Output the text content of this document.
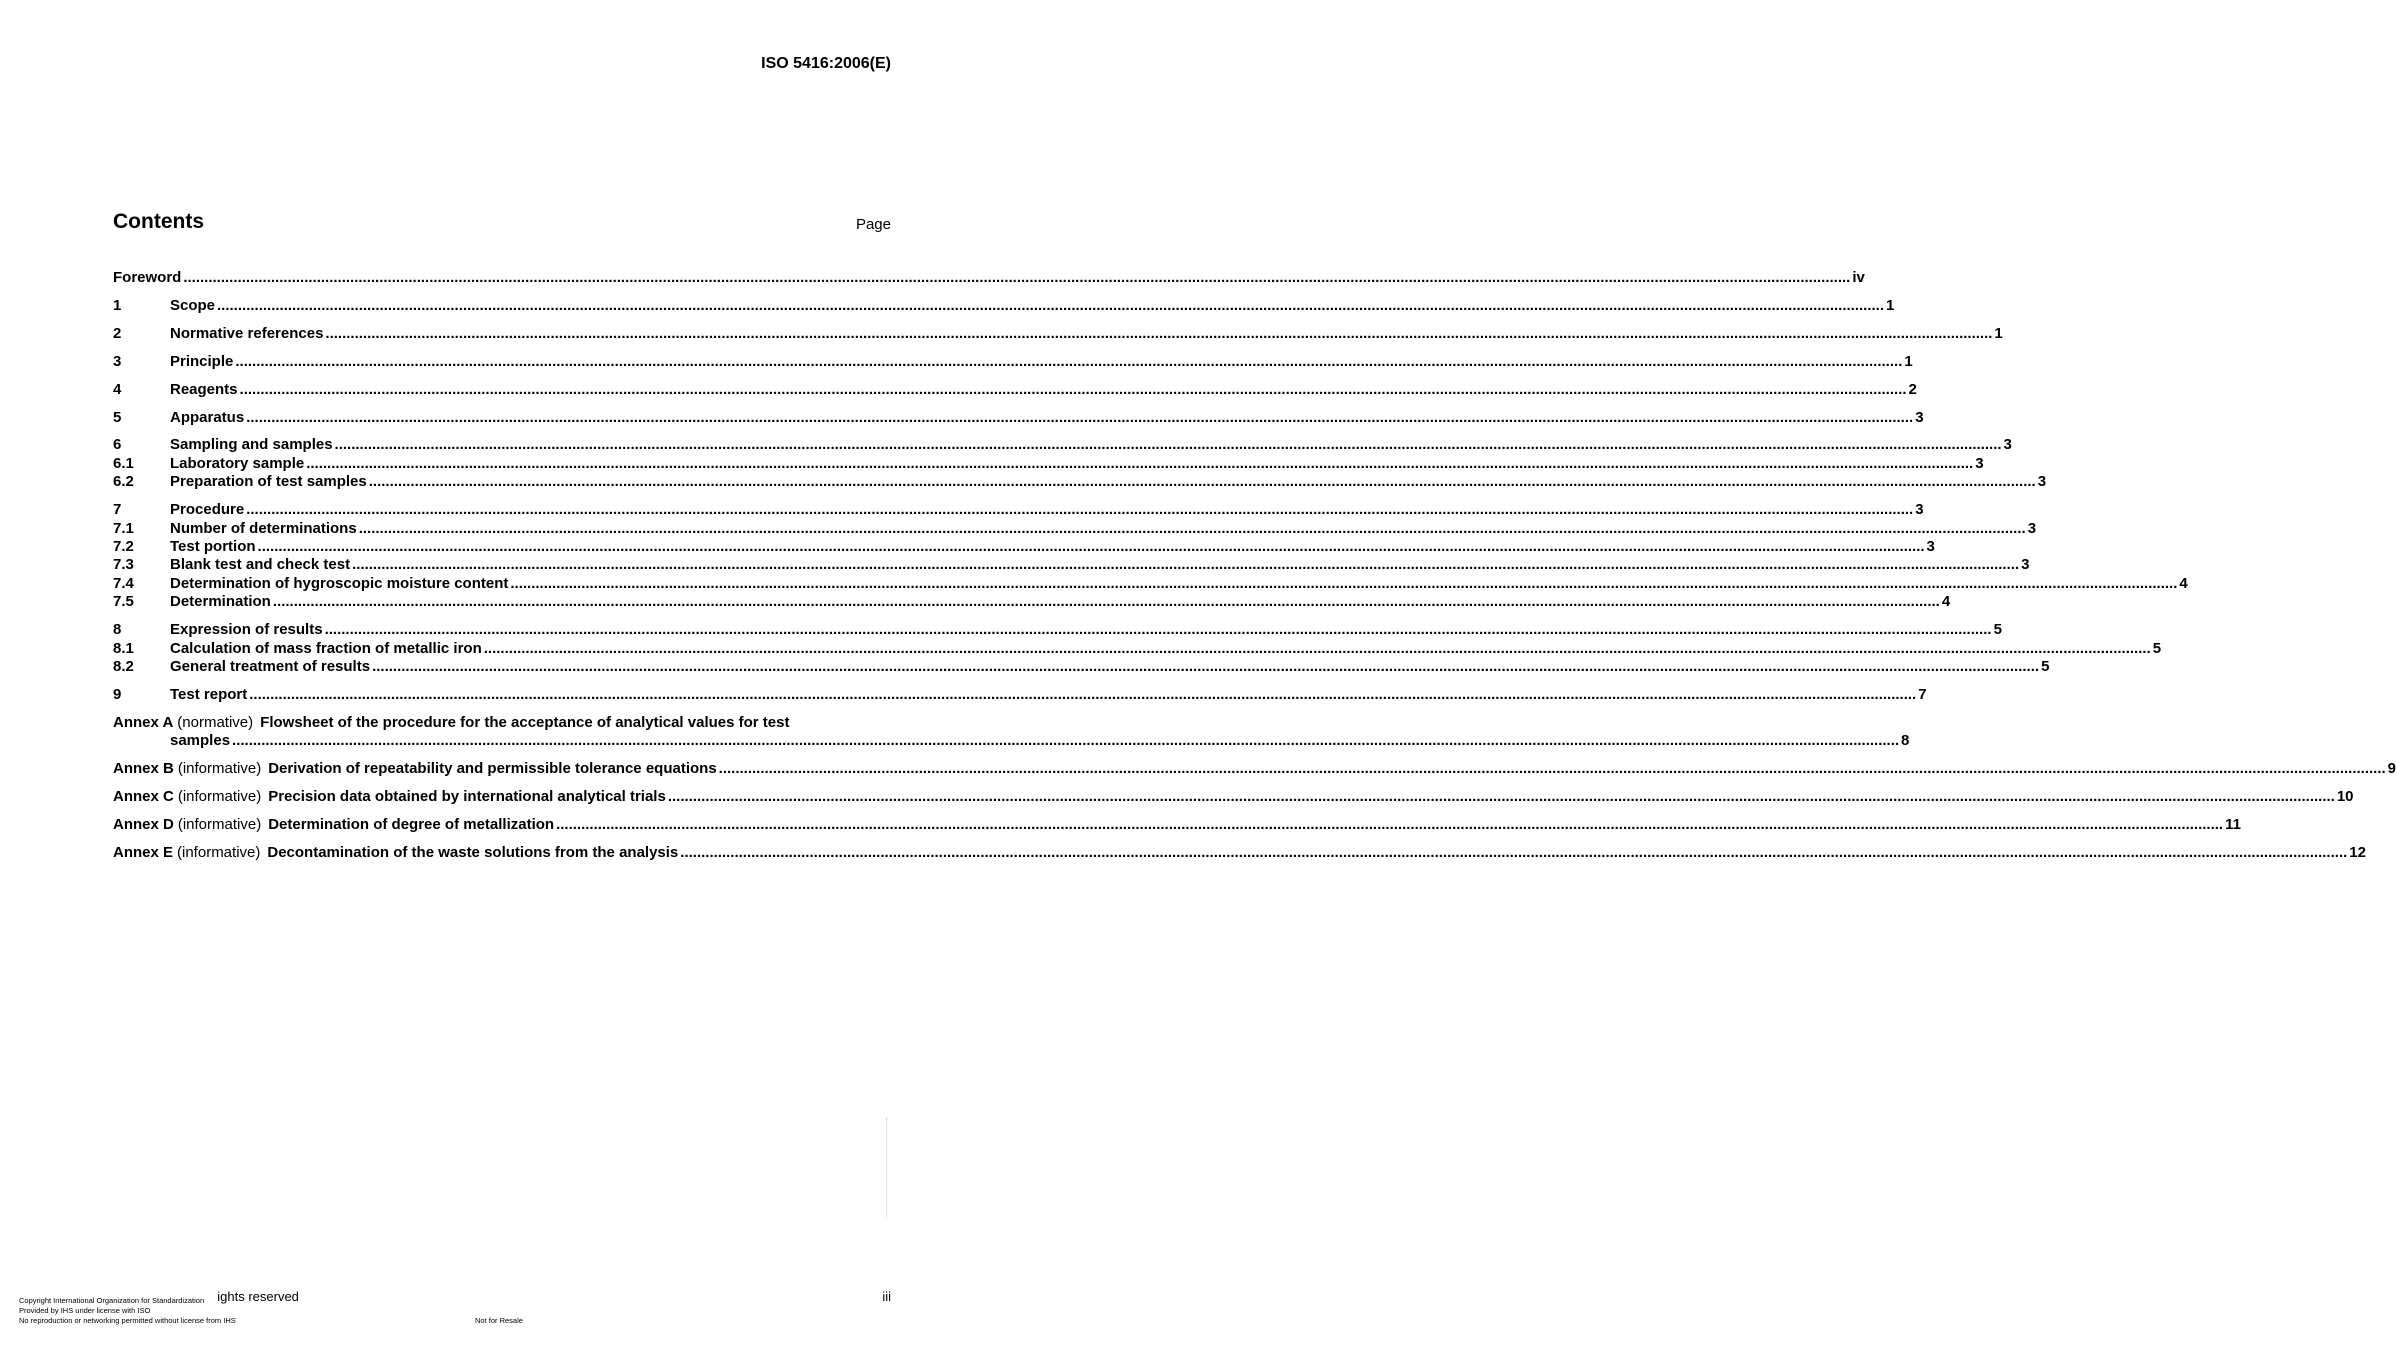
ISO 5416:2006(E)
Contents	Page
Foreword ................................................................................................................................................................................................................................................................................................................................................................................................................ iv
1	Scope ................................................................................................................................................................................................................................................................................................................................................................................................................ 1
2	Normative references ................................................................................................................................................................................................................................................................................................................................................................................................................ 1
3	Principle ................................................................................................................................................................................................................................................................................................................................................................................................................ 1
4	Reagents ................................................................................................................................................................................................................................................................................................................................................................................................................ 2
5	Apparatus ................................................................................................................................................................................................................................................................................................................................................................................................................ 3
6	Sampling and samples ................................................................................................................................................................................................................................................................................................................................................................................................................ 3
6.1	Laboratory sample ................................................................................................................................................................................................................................................................................................................................................................................................................ 3
6.2	Preparation of test samples ................................................................................................................................................................................................................................................................................................................................................................................................................ 3
7	Procedure ................................................................................................................................................................................................................................................................................................................................................................................................................ 3
7.1	Number of determinations ................................................................................................................................................................................................................................................................................................................................................................................................................ 3
7.2	Test portion ................................................................................................................................................................................................................................................................................................................................................................................................................ 3
7.3	Blank test and check test ................................................................................................................................................................................................................................................................................................................................................................................................................ 3
7.4	Determination of hygroscopic moisture content ................................................................................................................................................................................................................................................................................................................................................................................................................ 4
7.5	Determination ................................................................................................................................................................................................................................................................................................................................................................................................................ 4
8	Expression of results ................................................................................................................................................................................................................................................................................................................................................................................................................ 5
8.1	Calculation of mass fraction of metallic iron ................................................................................................................................................................................................................................................................................................................................................................................................................ 5
8.2	General treatment of results ................................................................................................................................................................................................................................................................................................................................................................................................................ 5
9	Test report ................................................................................................................................................................................................................................................................................................................................................................................................................ 7
Annex A (normative) Flowsheet of the procedure for the acceptance of analytical values for test
samples ................................................................................................................................................................................................................................................................................................................................................................................................................ 8
Annex B (informative) Derivation of repeatability and permissible tolerance equations ................................................................................................................................................................................................................................................................................................................................................................................................................ 9
Annex C (informative) Precision data obtained by international analytical trials ................................................................................................................................................................................................................................................................................................................................................................................................................ 10
Annex D (informative) Determination of degree of metallization ................................................................................................................................................................................................................................................................................................................................................................................................................ 11
Annex E (informative) Decontamination of the waste solutions from the analysis ................................................................................................................................................................................................................................................................................................................................................................................................................ 12
ights reserved	iii
Copyright International Organization for Standardization
Provided by IHS under license with ISO
No reproduction or networking permitted without license from IHS	Not for Resale
